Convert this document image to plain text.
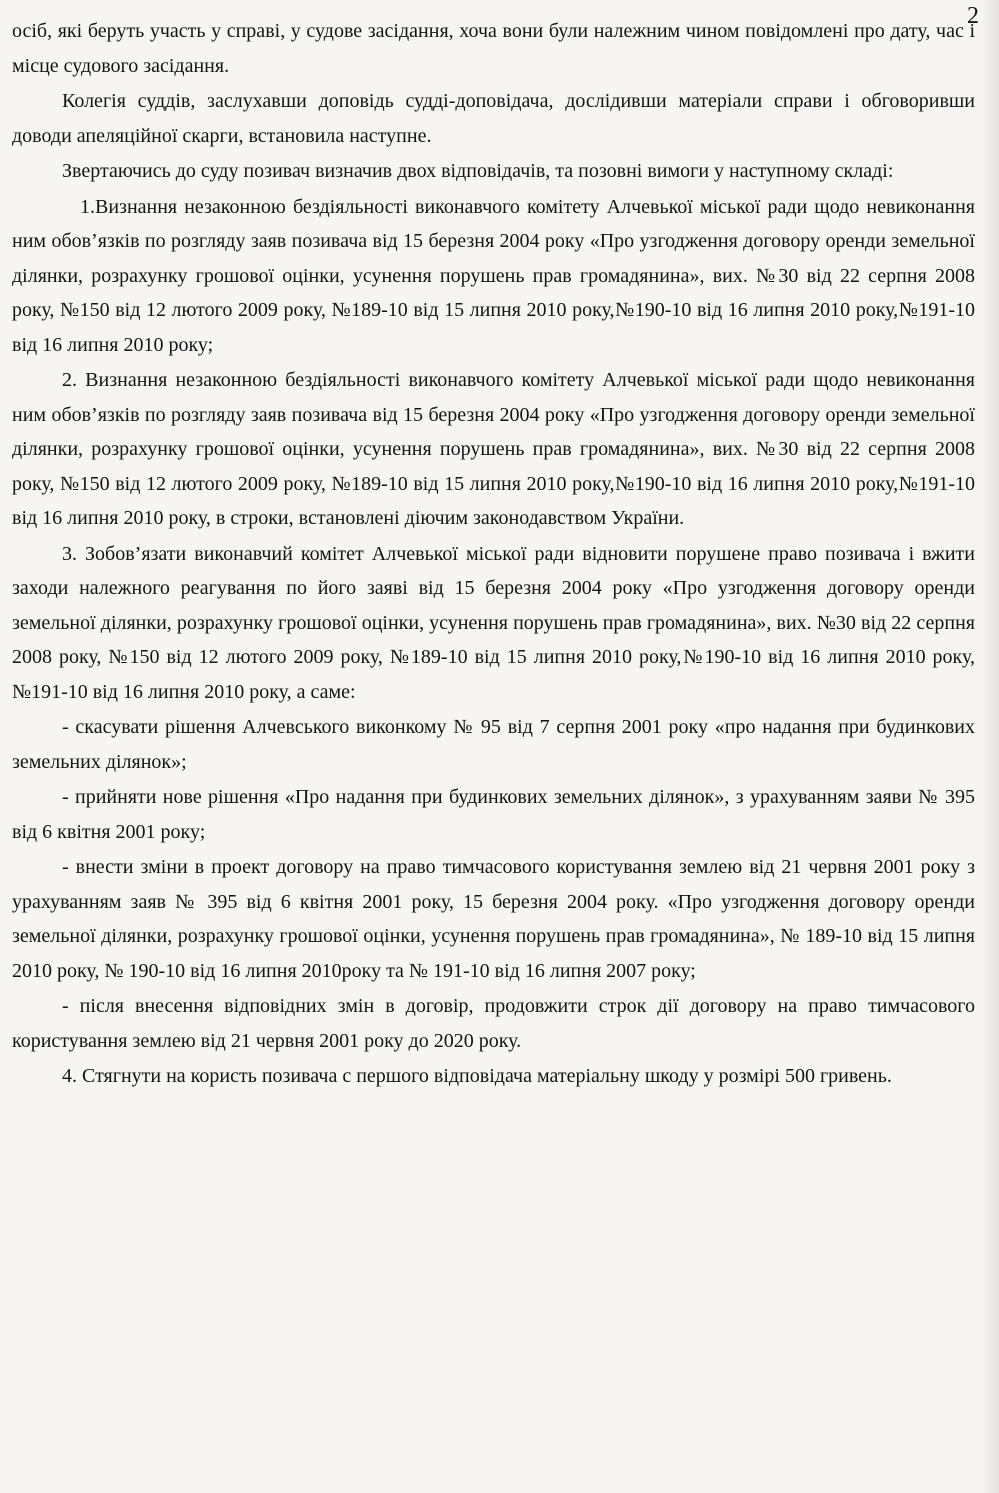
2

осіб, які беруть участь у справі, у судове засідання, хоча вони були належним чином повідомлені про дату, час і місце судового засідання.

Колегія суддів, заслухавши доповідь судді-доповідача, дослідивши матеріали справи і обговоривши доводи апеляційної скарги, встановила наступне.

Звертаючись до суду позивач визначив двох відповідачів, та позовні вимоги у наступному складі:

1.Визнання незаконною бездіяльності виконавчого комітету Алчевької міської ради щодо невиконання ним обов’язків по розгляду заяв позивача від 15 березня 2004 року «Про узгодження договору оренди земельної ділянки, розрахунку грошової оцінки, усунення порушень прав громадянина», вих. №30 від 22 серпня 2008 року, №150 від 12 лютого 2009 року, №189-10 від 15 липня 2010 року,№190-10 від 16 липня 2010 року,№191-10 від 16 липня 2010 року;

2. Визнання незаконною бездіяльності виконавчого комітету Алчевької міської ради щодо невиконання ним обов’язків по розгляду заяв позивача від 15 березня 2004 року «Про узгодження договору оренди земельної ділянки, розрахунку грошової оцінки, усунення порушень прав громадянина», вих. №30 від 22 серпня 2008 року, №150 від 12 лютого 2009 року, №189-10 від 15 липня 2010 року,№190-10 від 16 липня 2010 року,№191-10 від 16 липня 2010 року, в строки, встановлені діючим законодавством України.

3. Зобов’язати виконавчий комітет Алчевької міської ради відновити порушене право позивача і вжити заходи належного реагування по його заяві від 15 березня 2004 року «Про узгодження договору оренди земельної ділянки, розрахунку грошової оцінки, усунення порушень прав громадянина», вих. №30 від 22 серпня 2008 року, №150 від 12 лютого 2009 року, №189-10 від 15 липня 2010 року,№190-10 від 16 липня 2010 року,№191-10 від 16 липня 2010 року, а саме:

- скасувати рішення Алчевського виконкому № 95 від 7 серпня 2001 року «про надання при будинкових земельних ділянок»;

- прийняти нове рішення «Про надання при будинкових земельних ділянок», з урахуванням заяви № 395 від 6 квітня 2001 року;

- внести зміни в проект договору на право тимчасового користування землею від 21 червня 2001 року з урахуванням заяв № 395 від 6 квітня 2001 року, 15 березня 2004 року. «Про узгодження договору оренди земельної ділянки, розрахунку грошової оцінки, усунення порушень прав громадянина», № 189-10 від 15 липня 2010 року, № 190-10 від 16 липня 2010року та № 191-10 від 16 липня 2007 року;

- після внесення відповідних змін в договір, продовжити строк дії договору на право тимчасового користування землею від 21 червня 2001 року до 2020 року.

4. Стягнути на користь позивача с першого відповідача матеріальну шкоду у розмірі 500 гривень.
